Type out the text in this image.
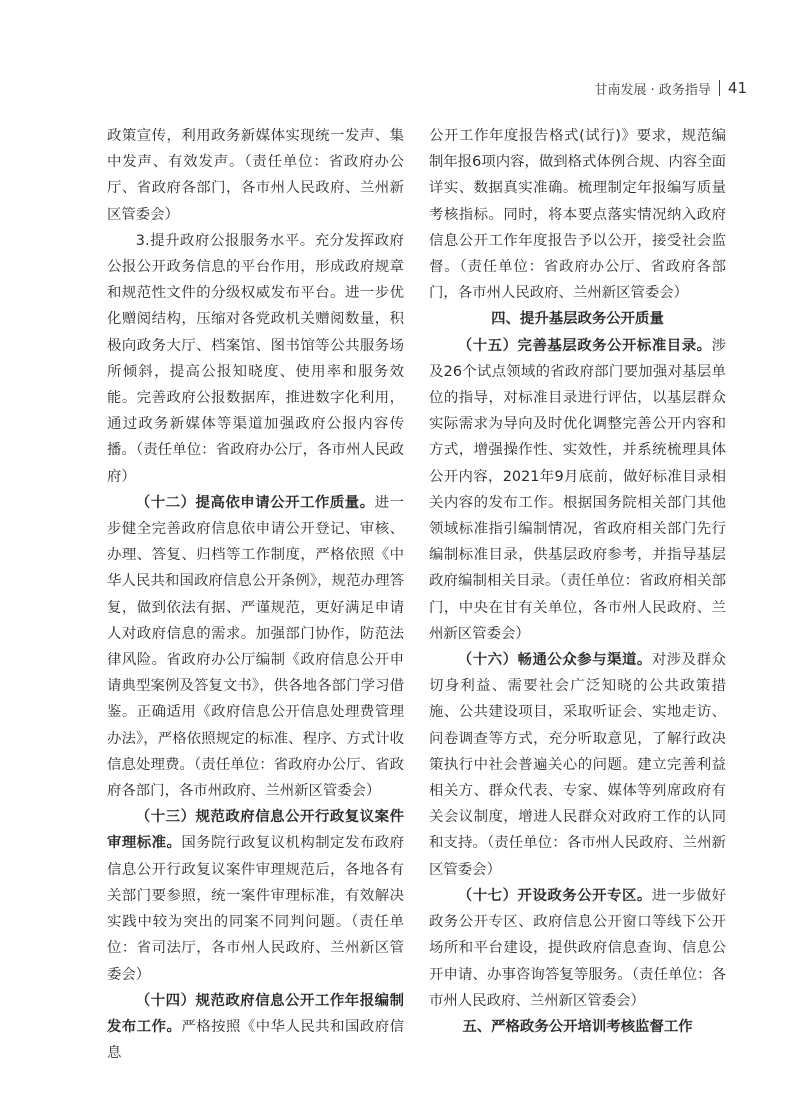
甘南发展 · 政务指导 41

政策宣传，利用政务新媒体实现统一发声、集中发声、有效发声。（责任单位：省政府办公厅、省政府各部门，各市州人民政府、兰州新区管委会）

3.提升政府公报服务水平。充分发挥政府公报公开政务信息的平台作用，形成政府规章和规范性文件的分级权威发布平台。进一步优化赠阅结构，压缩对各党政机关赠阅数量，积极向政务大厅、档案馆、图书馆等公共服务场所倾斜，提高公报知晓度、使用率和服务效能。完善政府公报数据库，推进数字化利用，通过政务新媒体等渠道加强政府公报内容传播。（责任单位：省政府办公厅，各市州人民政府）

（十二）提高依申请公开工作质量。进一步健全完善政府信息依申请公开登记、审核、办理、答复、归档等工作制度，严格依照《中华人民共和国政府信息公开条例》，规范办理答复，做到依法有据、严谨规范，更好满足申请人对政府信息的需求。加强部门协作，防范法律风险。省政府办公厅编制《政府信息公开申请典型案例及答复文书》，供各地各部门学习借鉴。正确适用《政府信息公开信息处理费管理办法》，严格依照规定的标准、程序、方式计收信息处理费。（责任单位：省政府办公厅、省政府各部门，各市州政府、兰州新区管委会）

（十三）规范政府信息公开行政复议案件审理标准。国务院行政复议机构制定发布政府信息公开行政复议案件审理规范后，各地各有关部门要参照，统一案件审理标准，有效解决实践中较为突出的同案不同判问题。（责任单位：省司法厅，各市州人民政府、兰州新区管委会）

（十四）规范政府信息公开工作年报编制发布工作。严格按照《中华人民共和国政府信息

公开工作年度报告格式(试行)》要求，规范编制年报6项内容，做到格式体例合规、内容全面详实、数据真实准确。梳理制定年报编写质量考核指标。同时，将本要点落实情况纳入政府信息公开工作年度报告予以公开，接受社会监督。（责任单位：省政府办公厅、省政府各部门，各市州人民政府、兰州新区管委会）

四、提升基层政务公开质量

（十五）完善基层政务公开标准目录。涉及26个试点领域的省政府部门要加强对基层单位的指导，对标准目录进行评估，以基层群众实际需求为导向及时优化调整完善公开内容和方式，增强操作性、实效性，并系统梳理具体公开内容，2021年9月底前，做好标准目录相关内容的发布工作。根据国务院相关部门其他领域标准指引编制情况，省政府相关部门先行编制标准目录，供基层政府参考，并指导基层政府编制相关目录。（责任单位：省政府相关部门，中央在甘有关单位，各市州人民政府、兰州新区管委会）

（十六）畅通公众参与渠道。对涉及群众切身利益、需要社会广泛知晓的公共政策措施、公共建设项目，采取听证会、实地走访、问卷调查等方式，充分听取意见，了解行政决策执行中社会普遍关心的问题。建立完善利益相关方、群众代表、专家、媒体等列席政府有关会议制度，增进人民群众对政府工作的认同和支持。（责任单位：各市州人民政府、兰州新区管委会）

（十七）开设政务公开专区。进一步做好政务公开专区、政府信息公开窗口等线下公开场所和平台建设，提供政府信息查询、信息公开申请、办事咨询答复等服务。（责任单位：各市州人民政府、兰州新区管委会）

五、严格政务公开培训考核监督工作
